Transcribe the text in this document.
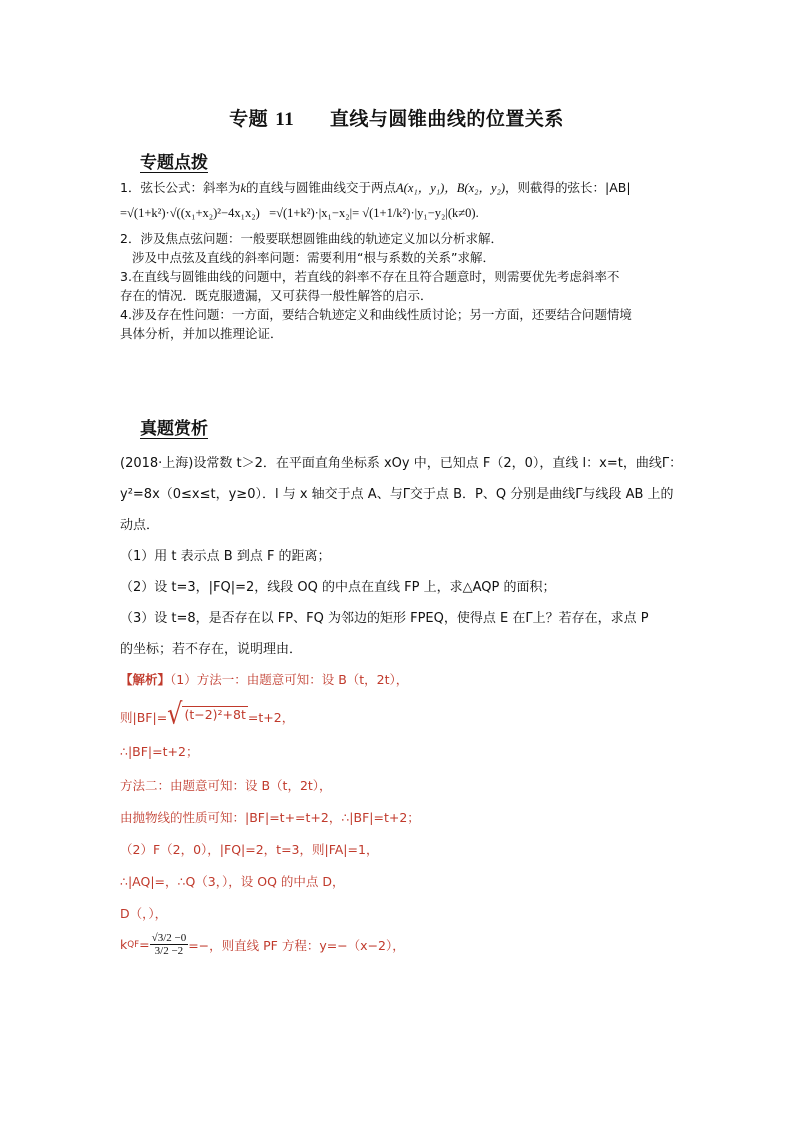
专题 11 直线与圆锥曲线的位置关系
专题点拨

1．弦长公式：斜率为k的直线与圆锥曲线交于两点A(x₁，y₁)，B(x₂，y₂)，则截得的弦长：|AB|

=√(1+k²)·√((x₁+x₂)²−4x₁x₂) =√(1+k²)·|x₁−x₂|= √(1+1/k²)·|y₁−y₂|(k≠0).

2．涉及焦点弦问题：一般要联想圆锥曲线的轨迹定义加以分析求解．

涉及中点弦及直线的斜率问题：需要利用“根与系数的关系”求解．

3.在直线与圆锥曲线的问题中，若直线的斜率不存在且符合题意时，则需要优先考虑斜率不

存在的情况．既克服遗漏，又可获得一般性解答的启示．

4.涉及存在性问题：一方面，要结合轨迹定义和曲线性质讨论；另一方面，还要结合问题情境

具体分析，并加以推理论证．

真题赏析

(2018·上海)设常数 t＞2．在平面直角坐标系 xOy 中，已知点 F（2，0），直线 l：x=t，曲线Γ：

y²=8x（0≤x≤t，y≥0）．l 与 x 轴交于点 A、与Γ交于点 B．P、Q 分别是曲线Γ与线段 AB 上的

动点．

（1）用 t 表示点 B 到点 F 的距离；

（2）设 t=3，|FQ|=2，线段 OQ 的中点在直线 FP 上，求△AQP 的面积；

（3）设 t=8，是否存在以 FP、FQ 为邻边的矩形 FPEQ，使得点 E 在Γ上？若存在，求点 P

的坐标；若不存在，说明理由．

【解析】（1）方法一：由题意可知：设 B（t，2t），
则|BF|= √ (t−2)²+8t =t+2，
∴|BF|=t+2；
方法二：由题意可知：设 B（t，2t），
由抛物线的性质可知：|BF|=t+=t+2，∴|BF|=t+2；
（2）F（2，0），|FQ|=2，t=3，则|FA|=1，
∴|AQ|=，∴Q（3，），设 OQ 的中点 D，
D（，），
k QF = $\frac{√3/2 -0}{3/2 -2}$ =−，则直线 PF 方程：y=−（x−2），
